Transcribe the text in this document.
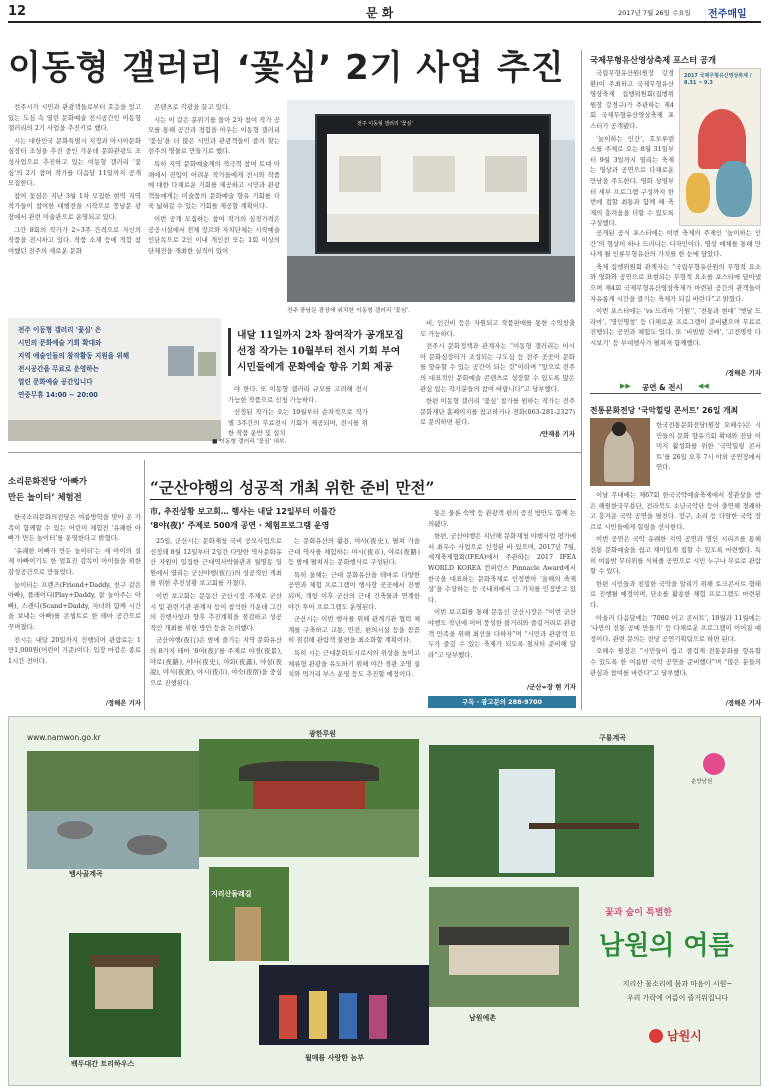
12	문 화	2017년 7월 26일 수요일 전주매일
이동형 갤러리 ‘꽃심’ 2기 사업 추진

전주시가 시민과 관광객들로부터 호응을 얻고 있는 도심 속 열린 문화예술 전시공간인 이동형 갤러리의 2기 사업을 추진키로 했다.

시는 대한민국 문화특별시 지정과 아시아문화 심장터 조성을 추진 중인 가운데 문화관광도 조성사업으로 추진하고 있는 이동형 갤러리 ‘꽃심’의 2기 참여 작가를 다음달 11일까지 공개 모집한다.

참여 꽃심은 지난 3월 1차 모집한 현역 지역 작가들이 참여한 대행전을 시작으로 풍남문 광장에서 관련 미술관으로 운영되고 있다.

그간 8회의 작가가 2~3주 간격으로 자신의 작품을 전시하고 있다. 작품 소재 등에 적합 참여했던 전주의 새로운 문화

콘텐츠로 각광을 끌고 있다.

시는 이 같은 분위기를 몰아 2차 참여 작가 공모를 통해 공간과 경험을 아우는 이동형 갤러리 ‘꽃심’을 더 많은 시민과 관광객들이 즐겨 찾는 전주의 명물로 만들기로 했다.

특히 지역 문화예술계의 적극적 참여 토대 아래에서 진입이 어려운 작가들에게 전시와 작품에 대한 다채로운 기회를 제공하고 시민과 관광객들에게는 미술품의 문화예술 향유 기회를 더욱 넓혀갈 수 있는 기회를 제공할 계획이다.

이번 공개 모집하는 참여 작가의 심경가격은 공공시설에서 전체 장르와 자치단체는 시작예술인단독으로 2인 이내 개인전 또는 1회 이상의 단체전을 개최한 실적이 있어

전주 이동형 갤러리 '꽃심'
전주 풍남문 광장에 위치한 이동형 갤러리 ‘꽃심’.
내달 11일까지 2차 참여작가 공개모집
선정 작가는 10월부터 전시 기회 부여
시민들에게 문화예술 향유 기회 제공
전주 이동형 갤러리 '꽃심' 은
시민의 문화예술 기회 확대와
지역 예술인들의 창작활동 지원을 위해
전시공간을 무료로 운영하는
열린 문화예술 공간입니다
연중무휴 14:00 ~ 20:00
■ 이동형 갤러리 ‘꽃심’ 내부.

야 한다. 또 이동형 갤러리 규모를 고려해 전시 가능한 작품으로 신청 가능하다.

선정된 작가는 오는 10월부터 순차적으로 작가별 3주간의 무료전시 기회가 제공되며, 전시를 위한 작품 운반 및 설치

비, 인건비 등은 자원되고 작품판매를 통한 수익창출도 가능하다.

전주시 문화정책과 관계자는 “이동형 갤러리는 아시아 문화심장터가 조성되는 구도심 등 전주 곳곳이 문화를 향유할 수 있는 공간이 되는 것”이라며 “앞으로 전주의 대표적인 문화예술 콘텐츠로 성장할 수 있도록 많은 관심 있는 작가분들의 참여 바랍니다”고 당부했다.

한편 이동형 갤러리 ‘꽃심’ 참가를 원하는 작가는 전주문화재단 홈페이지를 참고하거나 전화(063-281-2327)로 문의하면 된다.

/안재용 기자
국제무형유산영상축제 포스터 공개

국립무형유산원(원장 강경환)이 주최하고 국제무형유산영상축제 집행위원회(집행위원장 강경구)가 주관하는 제4회 국제무형유산영상축제 포스터가 공개됐다.

‘놀이하는 인간’, 호모루덴스를 주제로 오는 8월 31일부터 9월 3일까지 열리는 축제는 영상과 공연으로 다채로운 만남을 주도한다. 영화 상영부터 세부 프로그램 구성까지 한번에 접할 최통과 함께 해 축제의 흥겨움을 더할 수 있도록 구성했다.

2017 국제무형유산영상축제 / 8.31 ~ 9.3

공개된 공식 포스터에는 이번 축제의 주제인 ‘놀이하는 인간’의 형상이 하나 드러나는 디자인이다. 영상 매체를 통해 만나게 될 인류무형유산의 가치를 한 눈에 담았다.

축제 집행위원회 관계자는 “국립무형유산원의 무형적 요소와 영화와 공연으로 표현되는 무형적 요소를 포스터에 담아냈으며 제4회 국제무형유산영상축제가 마련된 공간의 관객들이 자유롭게 시간을 즐기는 축제가 되길 바란다”고 밝혔다.

이번 포스터에는 ‘vs 드라마 ’기원’’, ‘전통과 현대’ ‘옛날 드라마’, ‘명인명창’ 등 다채로운 프로그램이 준비됐으며 무료로 진행되는 공연과 체험도 있다. 또 ‘비빔밥 건배’, ‘고전명작 다시보기’ 등 부대행사가 펼쳐져 함께했다.

/정해은 기자
▶▶ 공연 & 전시 ◀◀
전통문화전당 ‘국악힐링 콘서트’ 26일 개최
한국전통문화전당(원장 오해수)은 시민들의 문화 향유기회 확대와 전당 이미지 활성화를 위한 ‘국악힐링 콘서트’를 26일 오후 7시 야외 공연장에서 연다.

이날 무대에는 제67회 한국국악예술축제에서 장관상을 받은 해원한국무용단, 전라북도 소년국악단 등이 출연해 경쾌하고 흥겨운 국악 공연을 펼친다. 장구, 소리 등 다양한 국악 장르로 시민들에게 힐링을 선사한다.

이번 공연은 국악 유쾌한 지역 공연과 명인 시리즈를 통해 전통 문화예술을 쉽고 재미있게 접할 수 있도록 마련했다. 특히 여름밤 무더위를 식혀줄 공연으로 시민 누구나 무료로 관람할 수 있다.

한편 시민들과 친밀한 국악을 알리기 위해 토크콘서트 형태로 진행될 예정이며, 단소를 활용한 체험 프로그램도 마련된다.

아울러 다음달에는 ‘7080 어고 콘서트’, 10월과 11월에는 ‘나만의 전통 공예 만들기’ 등 다채로운 프로그램이 이어질 예정이다. 관련 문의는 전당 공연기획팀으로 하면 된다.

오해수 원장은 “시민들이 쉽고 즐겁게 전통문화를 향유할 수 있도록 한 여름밤 국악 공연을 준비했다”며 “많은 분들의 관심과 참여를 바란다”고 당부했다.

/정해은 기자
소리문화전당 ‘아빠가
만든 놀이터’ 체험전

한국소리문화의전당은 여름방학을 맞아 온 가족이 함께할 수 있는 어린이 체험전 ‘유쾌한 아빠가 만든 놀이터’를 운영한다고 밝혔다.

‘유쾌한 아빠가 만든 놀이터’는 세 아이의 실제 아빠이기도 한 엄효진 감독이 아이들을 위한 감성공간으로 만들었다.

놀이터는 프렌즈(Friend+Daddy, 친구 같은 아빠), 플레이디(Play+Daddy, 잘 놀아주는 아빠), 스캔디(Scand+Daddy, 자녀와 함께 시간을 보내는 아빠)를 콘셉트로 한 테마 공간으로 꾸며졌다.

전시는 내달 20일까지 진행되며 관람료는 1만1,000원(어린이 기준)이다. 입장 마감은 종료 1시간 전이다.

/정해은 기자
“군산야행의 성공적 개최 위한 준비 만전”
市, 추진상황 보고회… 행사는 내달 12일부터 이틀간
‘8야(夜)’ 주제로 500개 공연 · 체험프로그램 운영

25일, 군산시는 문화재청 국비 공모사업으로 선정돼 8월 12일부터 2일간 다양한 역사문화유산 자원이 밀집한 근대역사박물관과 월명동 일원에서 열리는 군산야행(夜行)의 성공적인 개최를 위한 추진상황 보고회를 가졌다.

이번 보고회는 문동신 군산시장 주재로 군산시 및 관련기관 관계자 등이 참석한 가운데 그간의 진행사항과 향후 추진계획을 점검하고 성공적인 개최를 위한 방안 등을 논의했다.

군산야행(夜行)은 밤에 즐기는 지역 문화유산의 8가지 테마 ‘8야(夜)’를 주제로 야경(夜景), 야로(夜路), 야사(夜史), 야화(夜畵), 야설(夜說), 야식(夜食), 야시(夜市), 야숙(夜宿)을 중심으로 진행된다.

는 문화유산의 활용, 야사(夜史), 펼쳐 가을 근대 역사를 체험하는 야시(夜市), 야로(夜路) 등 밤에 펼쳐지는 문화행사로 구성된다.

특히 올해는 근대 문화유산을 테마로 다양한 공연과 체험 프로그램이 행사장 곳곳에서 진행되며, 개항 이후 군산의 근대 건축물과 연계한 야간 투어 프로그램도 운영된다.

군산시는 이번 행사를 위해 관계기관 협력 체계를 구축하고 교통, 안전, 편의시설 등을 꼼꼼히 점검해 관람객 불편을 최소화할 계획이다.

특히 시는 근대문화도시로서의 위상을 높이고 체류형 관광을 유도하기 위해 야간 경관 조명 설치와 먹거리 부스 운영 등도 추진할 예정이다.

통은 물론 숙박 등 관광객 편의 증진 방안도 함께 논의됐다.

한편, 군산야행은 지난해 문화재청 야행사업 평가에서 최우수 사업으로 선정된 바 있으며, 2017년 7월, 세계축제협회(IFEA)에서 주관하는 2017 IFEA WORLD KOREA 컨퍼런스 Pinnacle Award에서 한국을 대표하는 문화축제로 인정받아 ‘올해의 축제 상’을 수상하는 등 국내외에서 그 가치를 인정받고 있다.

이번 보고회를 통해 문동신 군산시장은 “이번 군산야행도 작년에 이어 풍성한 볼거리와 즐길거리로 관광객 만족을 위해 최선을 다하자”며 “시민과 관광객 모두가 즐길 수 있는 축제가 되도록 철저히 준비해 달라”고 당부했다.

/군산=장 현 기자
구독 · 광고문의 288-9700
www.namwon.go.kr	광한루원	구룡계곡
춘향남원
뱀사골계곡
백두대간 트리하우스
지리산둘레길
월매를 사랑한 놈부
남원예촌
꽃과 숲이 특별한
남원의 여름
지리산 물소리에 몸과 마음이 시원~
우리 가락에 여름이 즐거워집니다
남원시
